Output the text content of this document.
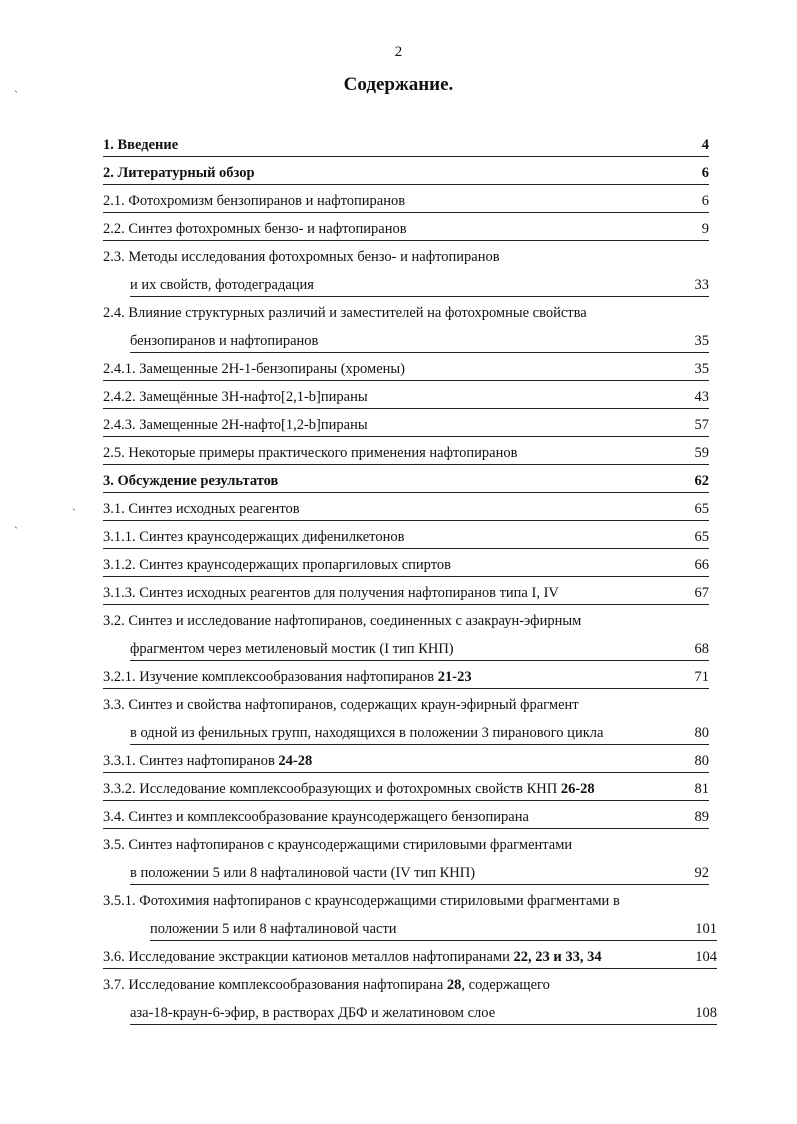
2
Содержание.
1. Введение	4
2. Литературный обзор	6
2.1. Фотохромизм бензопиранов и нафтопиранов	6
2.2. Синтез фотохромных бензо- и нафтопиранов	9
2.3. Методы исследования фотохромных бензо- и нафтопиранов
и их свойств, фотодеградация	33
2.4. Влияние структурных различий и заместителей на фотохромные свойства
бензопиранов и нафтопиранов	35
2.4.1. Замещенные 2H-1-бензопираны (хромены)	35
2.4.2. Замещённые 3H-нафто[2,1-b]пираны	43
2.4.3. Замещенные 2H-нафто[1,2-b]пираны	57
2.5. Некоторые примеры практического применения нафтопиранов	59
3. Обсуждение результатов	62
3.1. Синтез исходных реагентов	65
3.1.1. Синтез краунсодержащих дифенилкетонов	65
3.1.2. Синтез краунсодержащих пропаргиловых спиртов	66
3.1.3. Синтез исходных реагентов для получения нафтопиранов типа I, IV	67
3.2. Синтез и исследование нафтопиранов, соединенных с азакраун-эфирным
фрагментом через метиленовый мостик (I тип КНП)	68
3.2.1. Изучение комплексообразования нафтопиранов 21-23	71
3.3. Синтез и свойства нафтопиранов, содержащих краун-эфирный фрагмент
в одной из фенильных групп, находящихся в положении 3 пиранового цикла	80
3.3.1. Синтез нафтопиранов 24-28	80
3.3.2. Исследование комплексообразующих и фотохромных свойств КНП 26-28	81
3.4. Синтез и комплексообразование краунсодержащего бензопирана	89
3.5. Синтез нафтопиранов с краунсодержащими стириловыми фрагментами
в положении 5 или 8 нафталиновой части (IV тип КНП)	92
3.5.1. Фотохимия нафтопиранов с краунсодержащими стириловыми фрагментами в
положении 5 или 8 нафталиновой части	101
3.6. Исследование экстракции катионов металлов нафтопиранами 22, 23 и 33, 34	104
3.7. Исследование комплексообразования нафтопирана 28, содержащего
аза-18-краун-6-эфир, в растворах ДБФ и желатиновом слое	108
ˋ
ˋ
ˋ
